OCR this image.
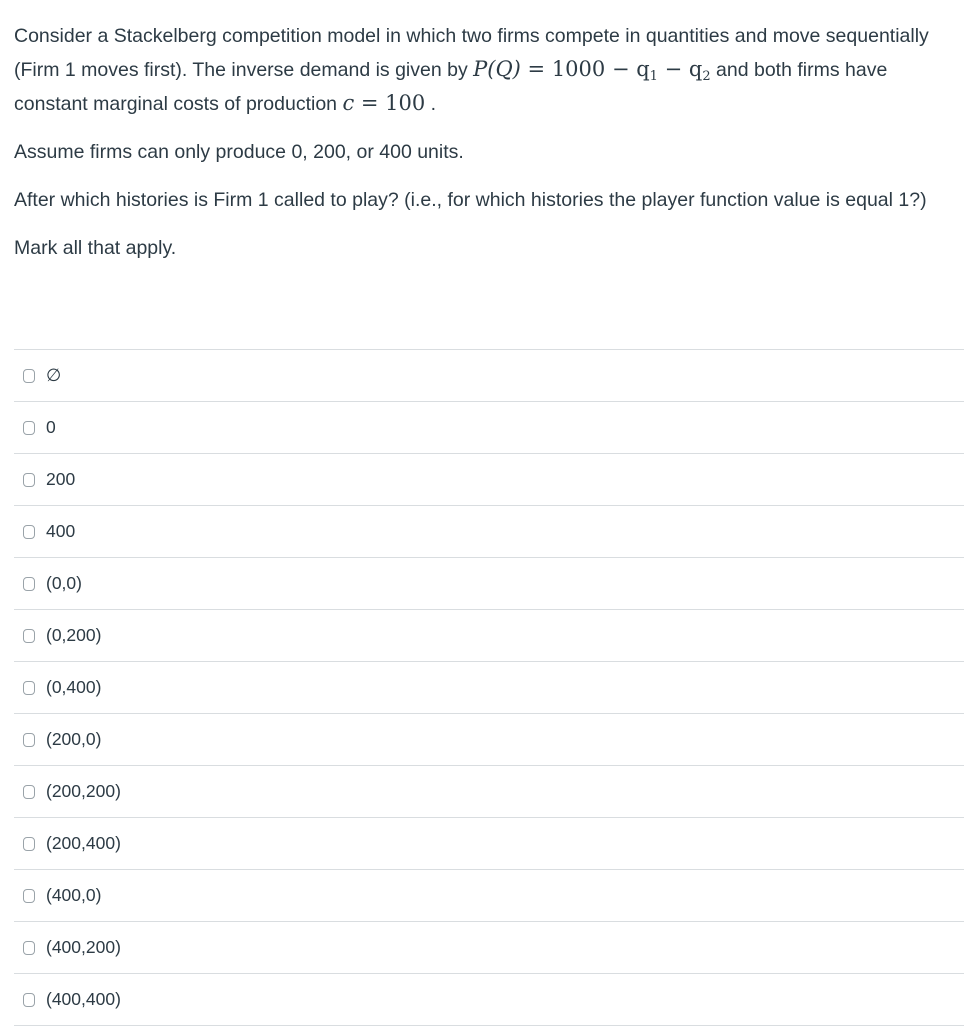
Consider a Stackelberg competition model in which two firms compete in quantities and move sequentially (Firm 1 moves first). The inverse demand is given by $P(Q) = 1000 - q_1 - q_2$ and both firms have constant marginal costs of production c = 100 .

Assume firms can only produce 0, 200, or 400 units.

After which histories is Firm 1 called to play? (i.e., for which histories the player function value is equal 1?)

Mark all that apply.

∅
0
200
400
(0,0)
(0,200)
(0,400)
(200,0)
(200,200)
(200,400)
(400,0)
(400,200)
(400,400)
